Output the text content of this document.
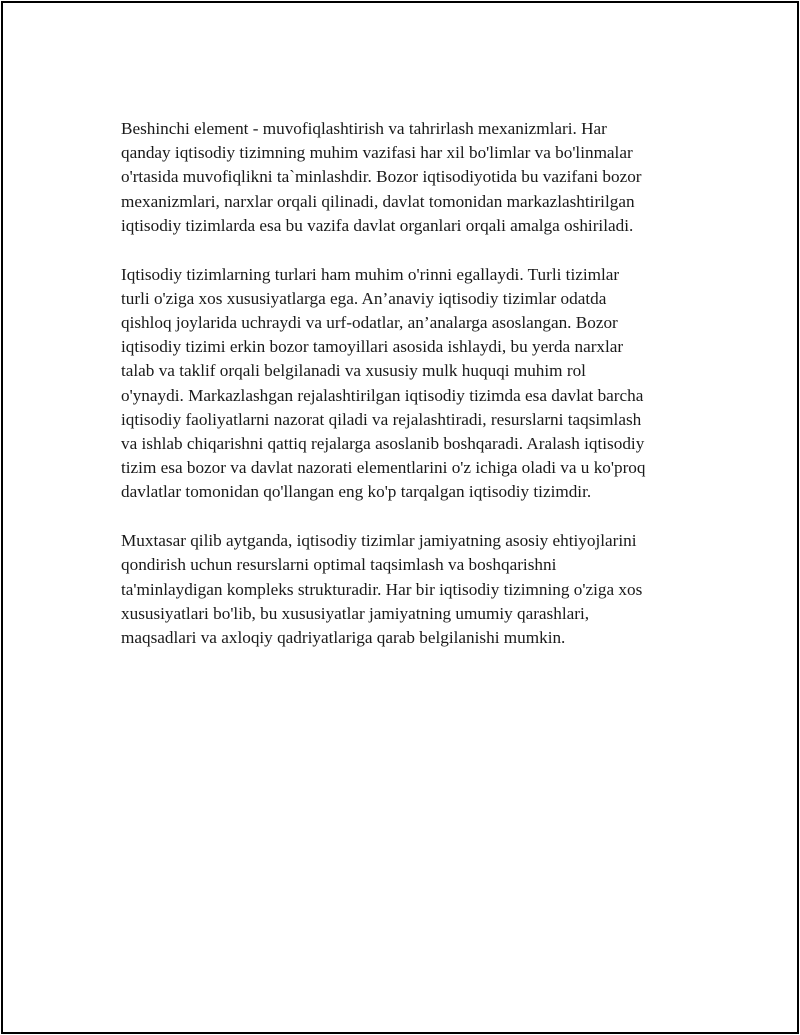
Beshinchi element - muvofiqlashtirish va tahrirlash mexanizmlari. Har
qanday iqtisodiy tizimning muhim vazifasi har xil bo'limlar va bo'linmalar
o'rtasida muvofiqlikni ta`minlashdir. Bozor iqtisodiyotida bu vazifani bozor
mexanizmlari, narxlar orqali qilinadi, davlat tomonidan markazlashtirilgan
iqtisodiy tizimlarda esa bu vazifa davlat organlari orqali amalga oshiriladi.

Iqtisodiy tizimlarning turlari ham muhim o'rinni egallaydi. Turli tizimlar
turli o'ziga xos xususiyatlarga ega. An’anaviy iqtisodiy tizimlar odatda
qishloq joylarida uchraydi va urf-odatlar, an’analarga asoslangan. Bozor
iqtisodiy tizimi erkin bozor tamoyillari asosida ishlaydi, bu yerda narxlar
talab va taklif orqali belgilanadi va xususiy mulk huquqi muhim rol
o'ynaydi. Markazlashgan rejalashtirilgan iqtisodiy tizimda esa davlat barcha
iqtisodiy faoliyatlarni nazorat qiladi va rejalashtiradi, resurslarni taqsimlash
va ishlab chiqarishni qattiq rejalarga asoslanib boshqaradi. Aralash iqtisodiy
tizim esa bozor va davlat nazorati elementlarini o'z ichiga oladi va u ko'proq
davlatlar tomonidan qo'llangan eng ko'p tarqalgan iqtisodiy tizimdir.

Muxtasar qilib aytganda, iqtisodiy tizimlar jamiyatning asosiy ehtiyojlarini
qondirish uchun resurslarni optimal taqsimlash va boshqarishni
ta'minlaydigan kompleks strukturadir. Har bir iqtisodiy tizimning o'ziga xos
xususiyatlari bo'lib, bu xususiyatlar jamiyatning umumiy qarashlari,
maqsadlari va axloqiy qadriyatlariga qarab belgilanishi mumkin.
